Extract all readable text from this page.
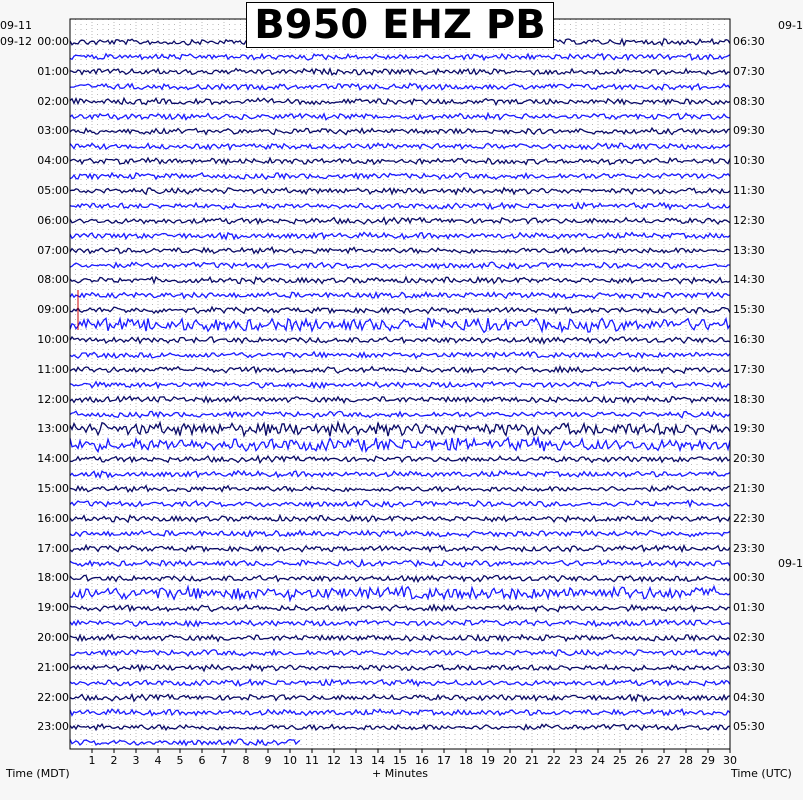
1 2 3 4 5 6 7 8 9 10 11 12 13 14 15 16 17 18 19 20 21 22 23 24 25 26 27 28 29 30
B950 EHZ PB
09-11
09-12
09-1
09-1
00:00
01:00
02:00
03:00
04:00
05:00
06:00
07:00
08:00
09:00
10:00
11:00
12:00
13:00
14:00
15:00
16:00
17:00
18:00
19:00
20:00
21:00
22:00
23:00
06:30
07:30
08:30
09:30
10:30
11:30
12:30
13:30
14:30
15:30
16:30
17:30
18:30
19:30
20:30
21:30
22:30
23:30
00:30
01:30
02:30
03:30
04:30
05:30
Time (MDT)	+ Minutes	Time (UTC)
